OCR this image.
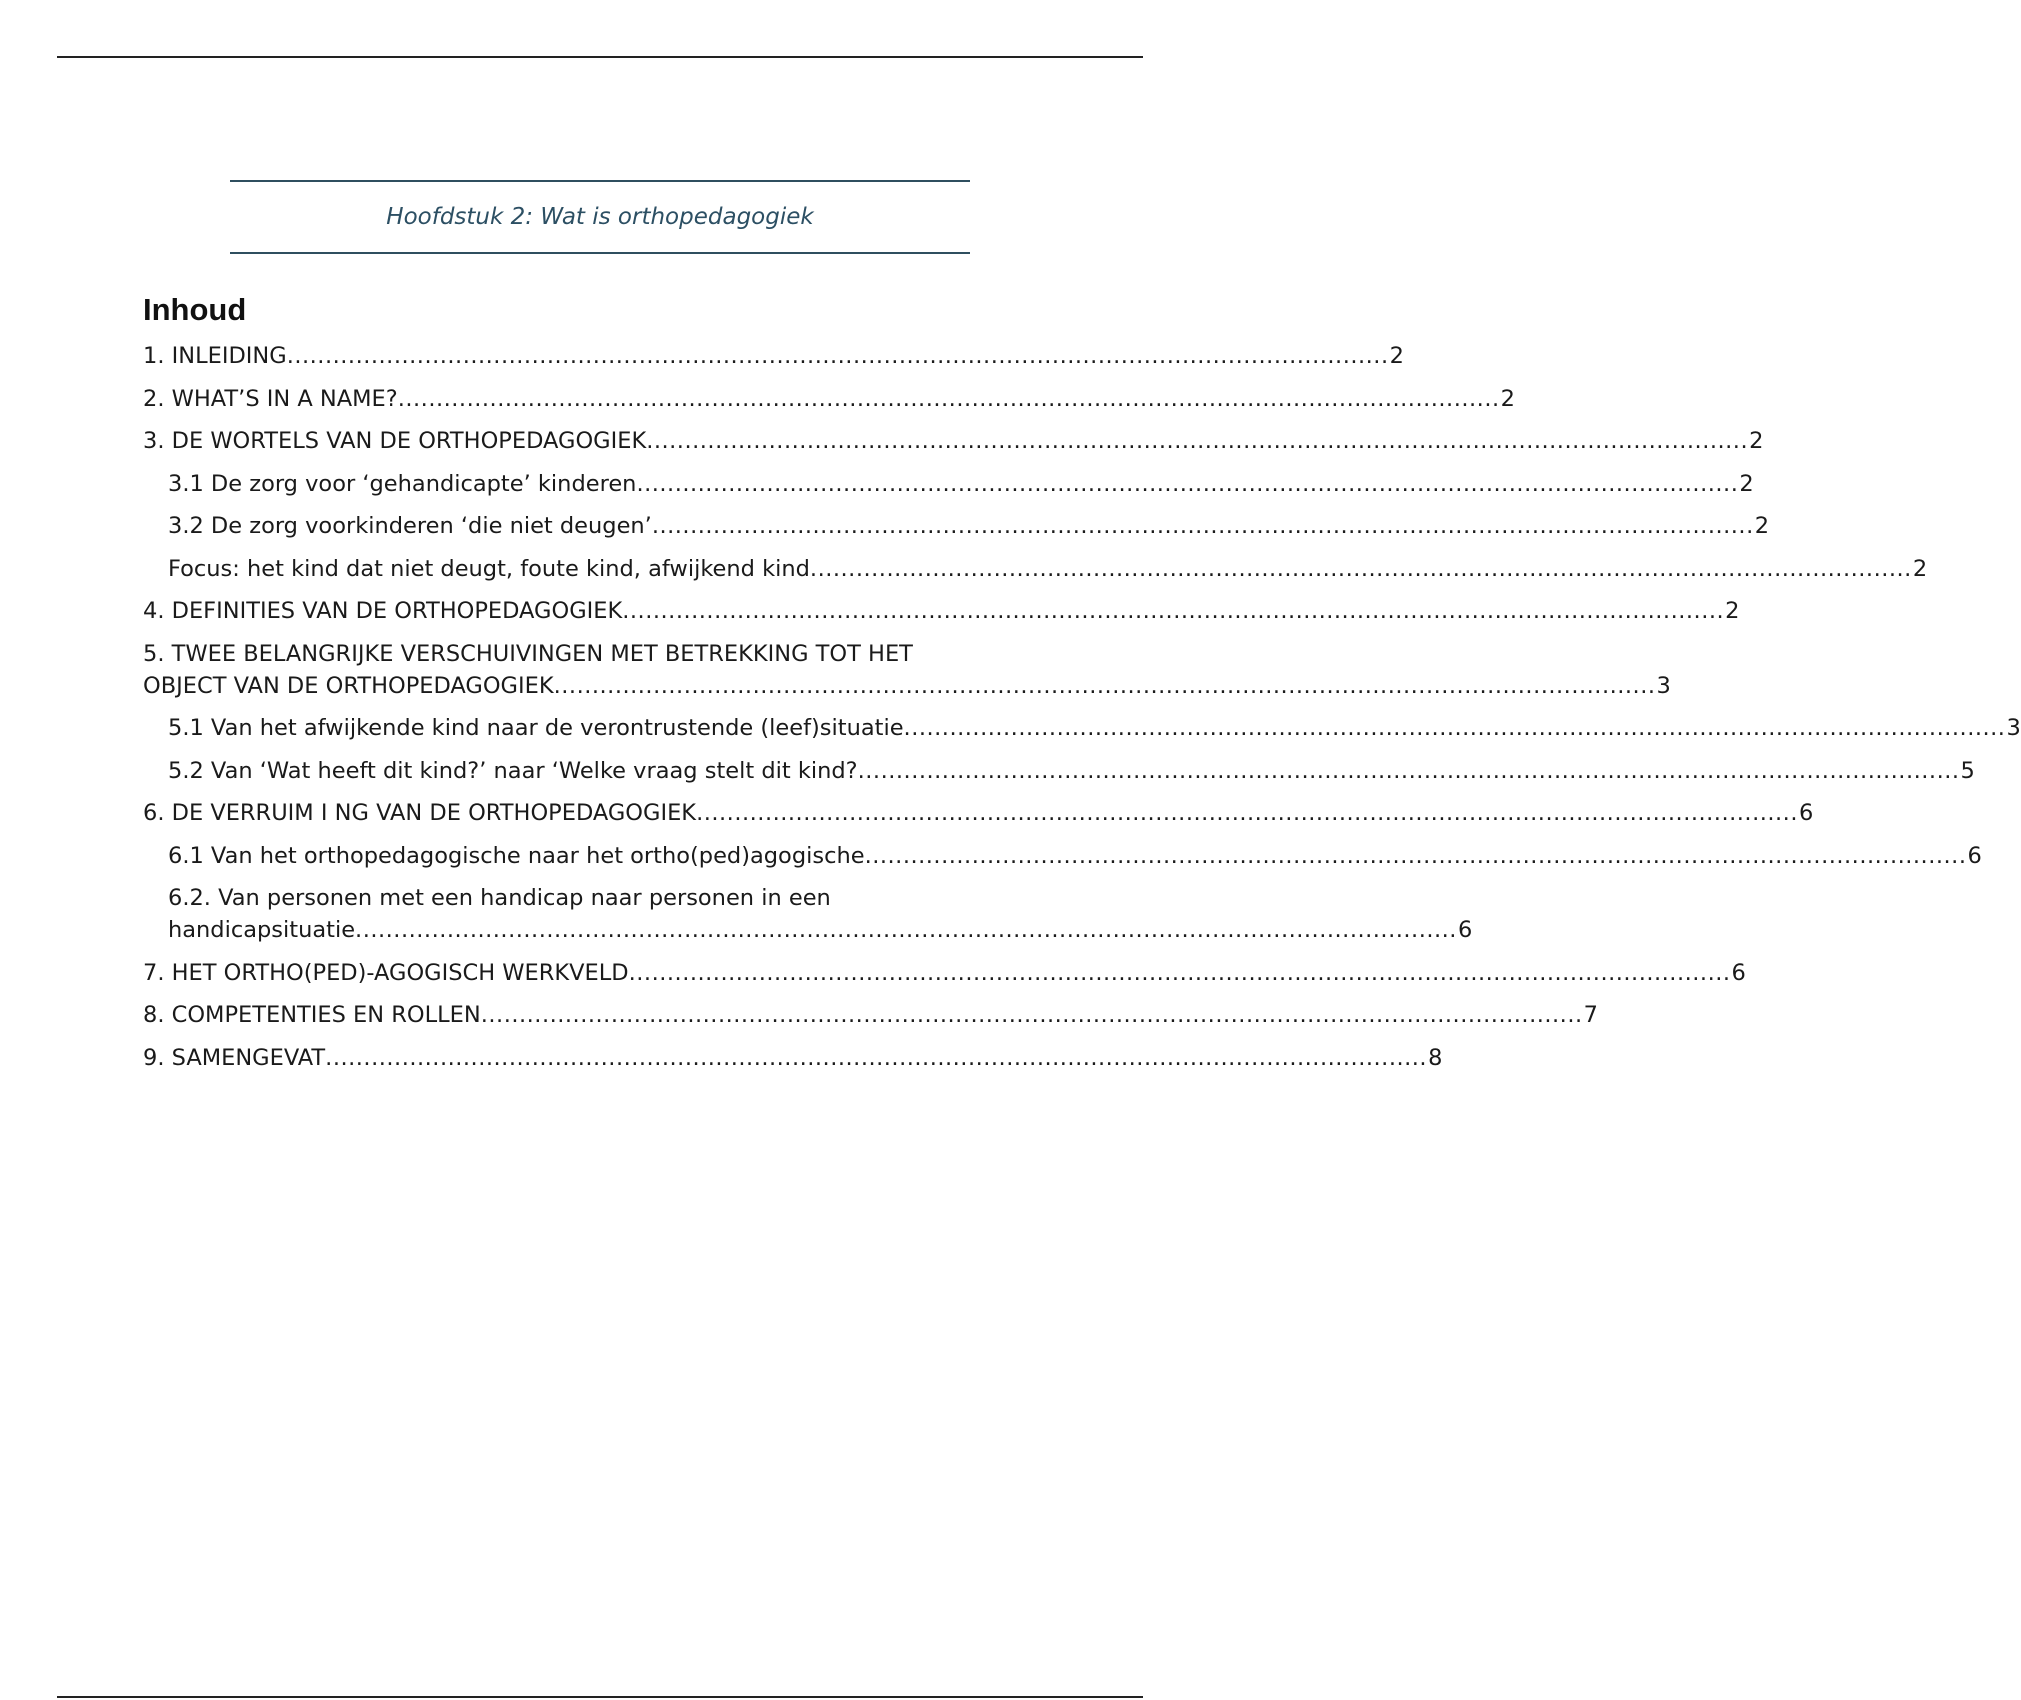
Hoofdstuk 2: Wat is orthopedagogiek
Inhoud
1. INLEIDING ................................................................................................................................................ 2
2. WHAT’S IN A NAME? ................................................................................................................................................ 2
3. DE WORTELS VAN DE ORTHOPEDAGOGIEK ................................................................................................................................................ 2
3.1 De zorg voor ‘gehandicapte’ kinderen ................................................................................................................................................ 2
3.2 De zorg voorkinderen ‘die niet deugen’ ................................................................................................................................................ 2
Focus: het kind dat niet deugt, foute kind, afwijkend kind ................................................................................................................................................ 2
4. DEFINITIES VAN DE ORTHOPEDAGOGIEK ................................................................................................................................................ 2
5. TWEE BELANGRIJKE VERSCHUIVINGEN MET BETREKKING TOT HET
OBJECT VAN DE ORTHOPEDAGOGIEK ................................................................................................................................................ 3
5.1 Van het afwijkende kind naar de verontrustende (leef)situatie ................................................................................................................................................ 3
5.2 Van ‘Wat heeft dit kind?’ naar ‘Welke vraag stelt dit kind? ................................................................................................................................................ 5
6. DE VERRUIM I NG VAN DE ORTHOPEDAGOGIEK ................................................................................................................................................ 6
6.1 Van het orthopedagogische naar het ortho(ped)agogische ................................................................................................................................................ 6
6.2. Van personen met een handicap naar personen in een
handicapsituatie ................................................................................................................................................ 6
7. HET ORTHO(PED)-AGOGISCH WERKVELD ................................................................................................................................................ 6
8. COMPETENTIES EN ROLLEN ................................................................................................................................................ 7
9. SAMENGEVAT ................................................................................................................................................ 8
